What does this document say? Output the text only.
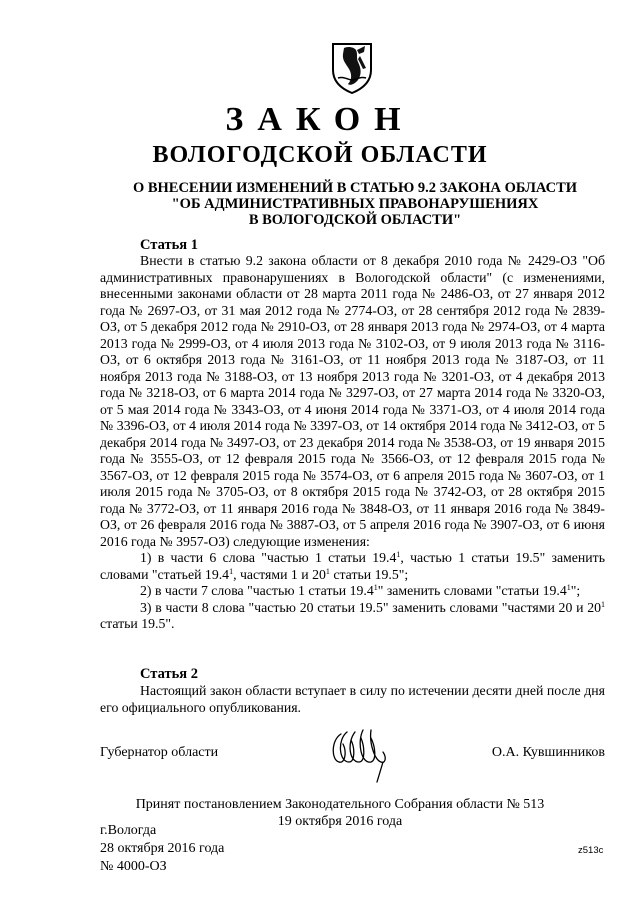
ЗАКОН
ВОЛОГОДСКОЙ ОБЛАСТИ
О ВНЕСЕНИИ ИЗМЕНЕНИЙ В СТАТЬЮ 9.2 ЗАКОНА ОБЛАСТИ
"ОБ АДМИНИСТРАТИВНЫХ ПРАВОНАРУШЕНИЯХ
В ВОЛОГОДСКОЙ ОБЛАСТИ"
Статья 1

Внести в статью 9.2 закона области от 8 декабря 2010 года № 2429-ОЗ "Об административных правонарушениях в Вологодской области" (с изменениями, внесенными законами области от 28 марта 2011 года № 2486-ОЗ, от 27 января 2012 года № 2697-ОЗ, от 31 мая 2012 года № 2774-ОЗ, от 28 сентября 2012 года № 2839-ОЗ, от 5 декабря 2012 года № 2910-ОЗ, от 28 января 2013 года № 2974-ОЗ, от 4 марта 2013 года № 2999-ОЗ, от 4 июля 2013 года № 3102-ОЗ, от 9 июля 2013 года № 3116-ОЗ, от 6 октября 2013 года № 3161-ОЗ, от 11 ноября 2013 года № 3187-ОЗ, от 11 ноября 2013 года № 3188-ОЗ, от 13 ноября 2013 года № 3201-ОЗ, от 4 декабря 2013 года № 3218-ОЗ, от 6 марта 2014 года № 3297-ОЗ, от 27 марта 2014 года № 3320-ОЗ, от 5 мая 2014 года № 3343-ОЗ, от 4 июня 2014 года № 3371-ОЗ, от 4 июля 2014 года № 3396-ОЗ, от 4 июля 2014 года № 3397-ОЗ, от 14 октября 2014 года № 3412-ОЗ, от 5 декабря 2014 года № 3497-ОЗ, от 23 декабря 2014 года № 3538-ОЗ, от 19 января 2015 года № 3555-ОЗ, от 12 февраля 2015 года № 3566-ОЗ, от 12 февраля 2015 года № 3567-ОЗ, от 12 февраля 2015 года № 3574-ОЗ, от 6 апреля 2015 года № 3607-ОЗ, от 1 июля 2015 года № 3705-ОЗ, от 8 октября 2015 года № 3742-ОЗ, от 28 октября 2015 года № 3772-ОЗ, от 11 января 2016 года № 3848-ОЗ, от 11 января 2016 года № 3849-ОЗ, от 26 февраля 2016 года № 3887-ОЗ, от 5 апреля 2016 года № 3907-ОЗ, от 6 июня 2016 года № 3957-ОЗ) следующие изменения:

1) в части 6 слова "частью 1 статьи 19.4$^1$, частью 1 статьи 19.5" заменить словами "статьей 19.4$^1$, частями 1 и $20^1$ статьи 19.5";

2) в части 7 слова "частью 1 статьи 19.4$^1$" заменить словами "статьи 19.4$^1$";

3) в части 8 слова "частью 20 статьи 19.5" заменить словами "частями 20 и $20^1$ статьи 19.5".

Статья 2

Настоящий закон области вступает в силу по истечении десяти дней после дня его официального опубликования.

Губернатор области	О.А. Кувшинников
Принят постановлением Законодательного Собрания области № 513
19 октября 2016 года
г.Вологда
28 октября 2016 года
№ 4000-ОЗ
z513c
